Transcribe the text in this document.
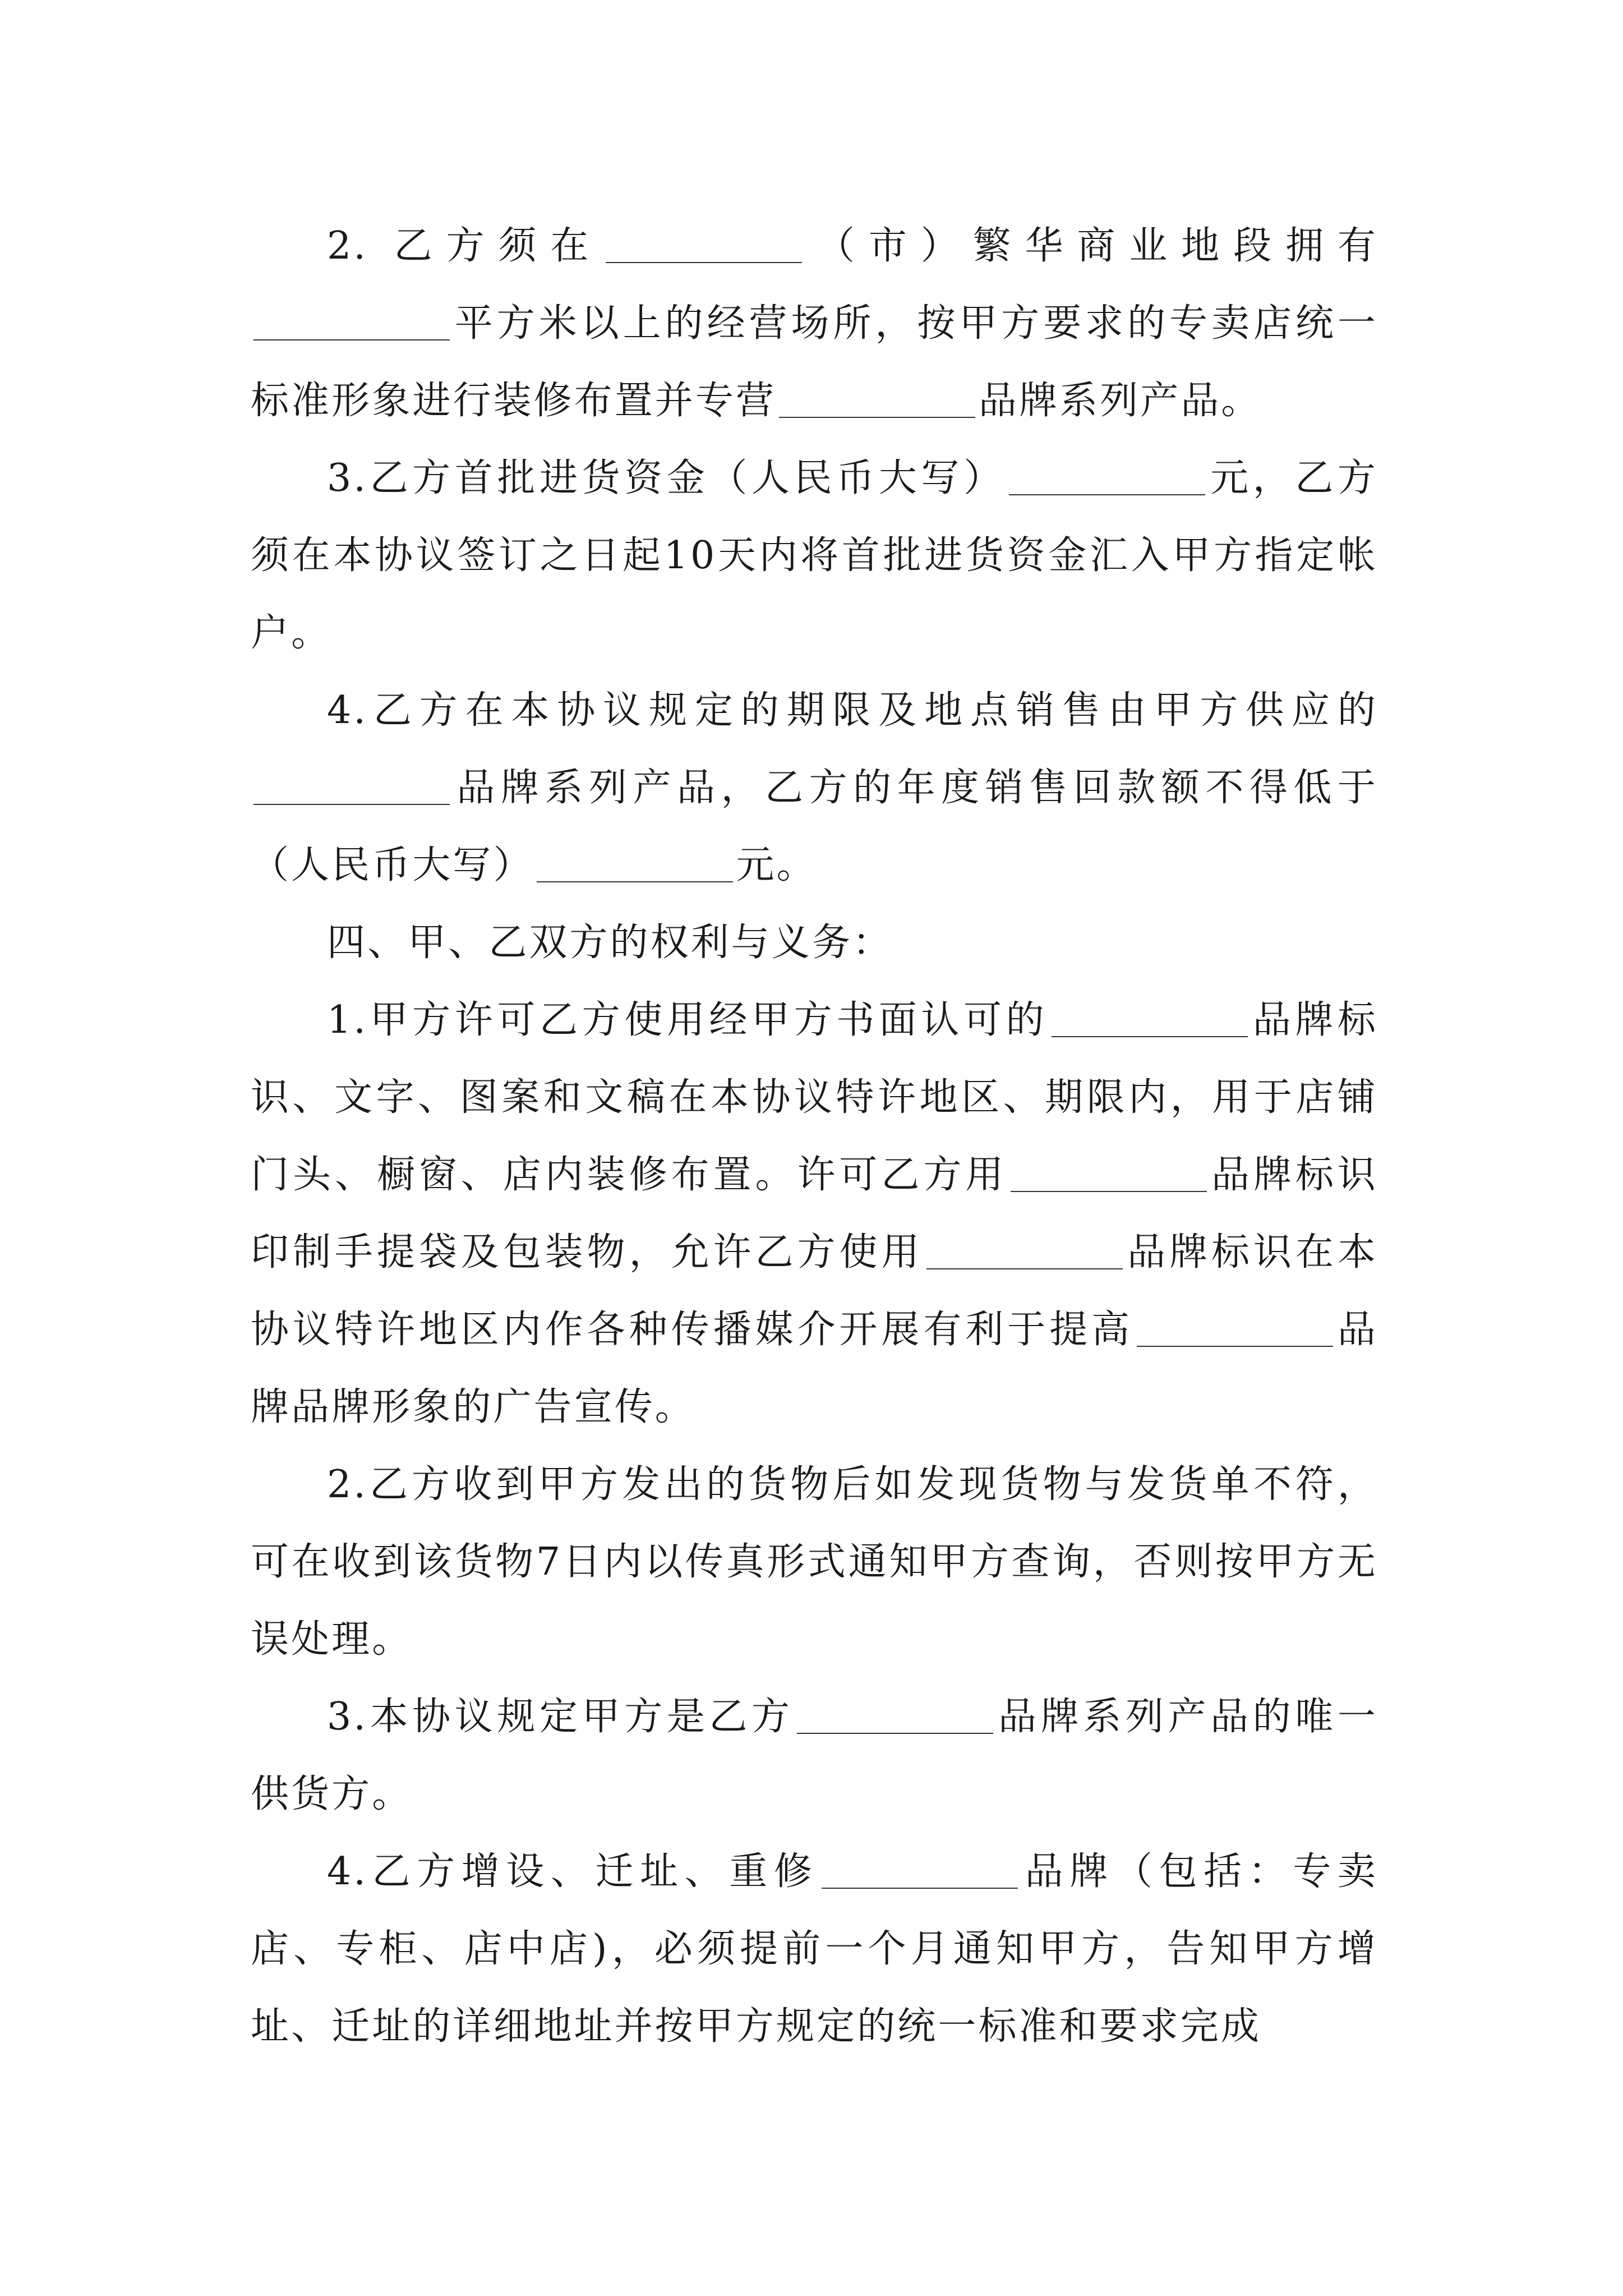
2. 乙方须在	（市）繁华商业地段拥有平方米以上的经营场所，按甲方要求的专卖店统一标准形象进行装修布置并专营	品牌系列产品。

3.乙方首批进货资金（人民币大写）	元，乙方须在本协议签订之日起10天内将首批进货资金汇入甲方指定帐户。

4.乙方在本协议规定的期限及地点销售由甲方供应的品牌系列产品，乙方的年度销售回款额不得低于（人民币大写）	元。

四、甲、乙双方的权利与义务：

1.甲方许可乙方使用经甲方书面认可的	品牌标识、文字、图案和文稿在本协议特许地区、期限内，用于店铺门头、橱窗、店内装修布置。许可乙方用	品牌标识印制手提袋及包装物，允许乙方使用	品牌标识在本协议特许地区内作各种传播媒介开展有利于提高	品牌品牌形象的广告宣传。

2.乙方收到甲方发出的货物后如发现货物与发货单不符，可在收到该货物7日内以传真形式通知甲方查询，否则按甲方无误处理。

3.本协议规定甲方是乙方	品牌系列产品的唯一供货方。

4.乙方增设、迁址、重修	品牌（包括：专卖店、专柜、店中店)，必须提前一个月通知甲方，告知甲方增址、迁址的详细地址并按甲方规定的统一标准和要求完成
